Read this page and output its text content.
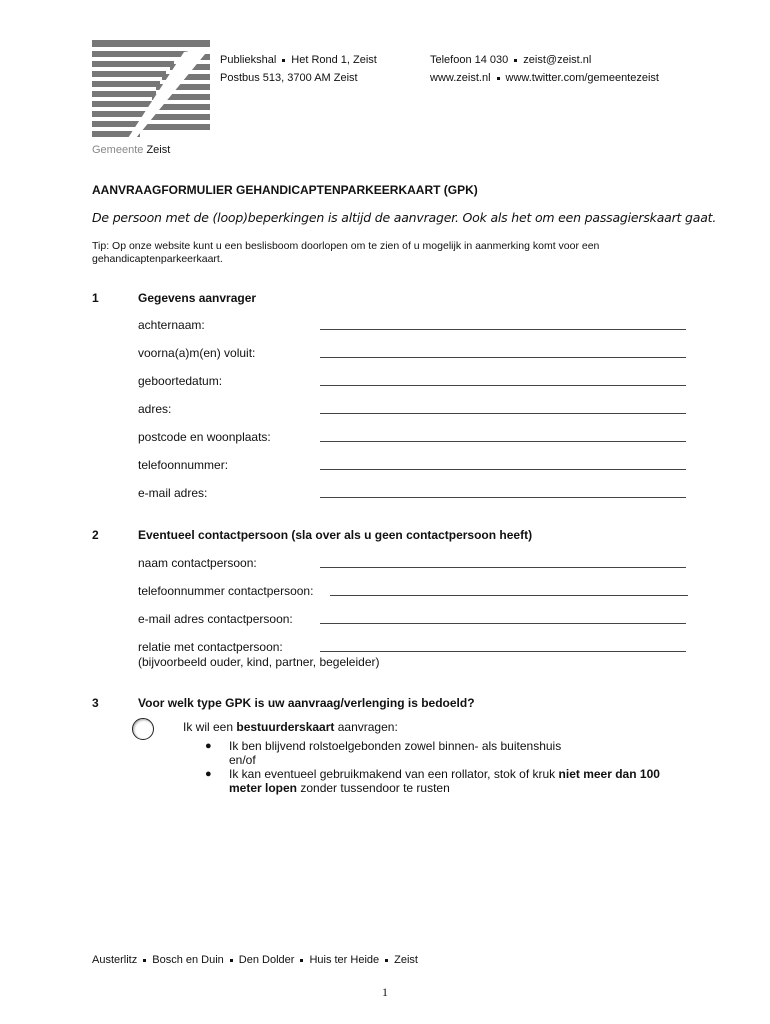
Publiekshal Het Rond 1, Zeist
Postbus 513, 3700 AM Zeist
Telefoon 14 030 zeist@zeist.nl
www.zeist.nl www.twitter.com/gemeentezeist
Gemeente Zeist
AANVRAAGFORMULIER GEHANDICAPTENPARKEERKAART (GPK)
De persoon met de (loop)beperkingen is altijd de aanvrager. Ook als het om een passagierskaart gaat.
Tip: Op onze website kunt u een beslisboom doorlopen om te zien of u mogelijk in aanmerking komt voor een gehandicaptenparkeerkaart.
1	Gegevens aanvrager
achternaam:
voorna(a)m(en) voluit:
geboortedatum:
adres:
postcode en woonplaats:
telefoonnummer:
e-mail adres:
2	Eventueel contactpersoon (sla over als u geen contactpersoon heeft)
naam contactpersoon:
telefoonnummer contactpersoon:
e-mail adres contactpersoon:
relatie met contactpersoon:
(bijvoorbeeld ouder, kind, partner, begeleider)
3	Voor welk type GPK is uw aanvraag/verlenging is bedoeld?
Ik wil een bestuurderskaart aanvragen:
● Ik ben blijvend rolstoelgebonden zowel binnen- als buitenshuis
en/of
● Ik kan eventueel gebruikmakend van een rollator, stok of kruk niet meer dan 100 meter lopen zonder tussendoor te rusten
Austerlitz Bosch en Duin Den Dolder Huis ter Heide Zeist
1
